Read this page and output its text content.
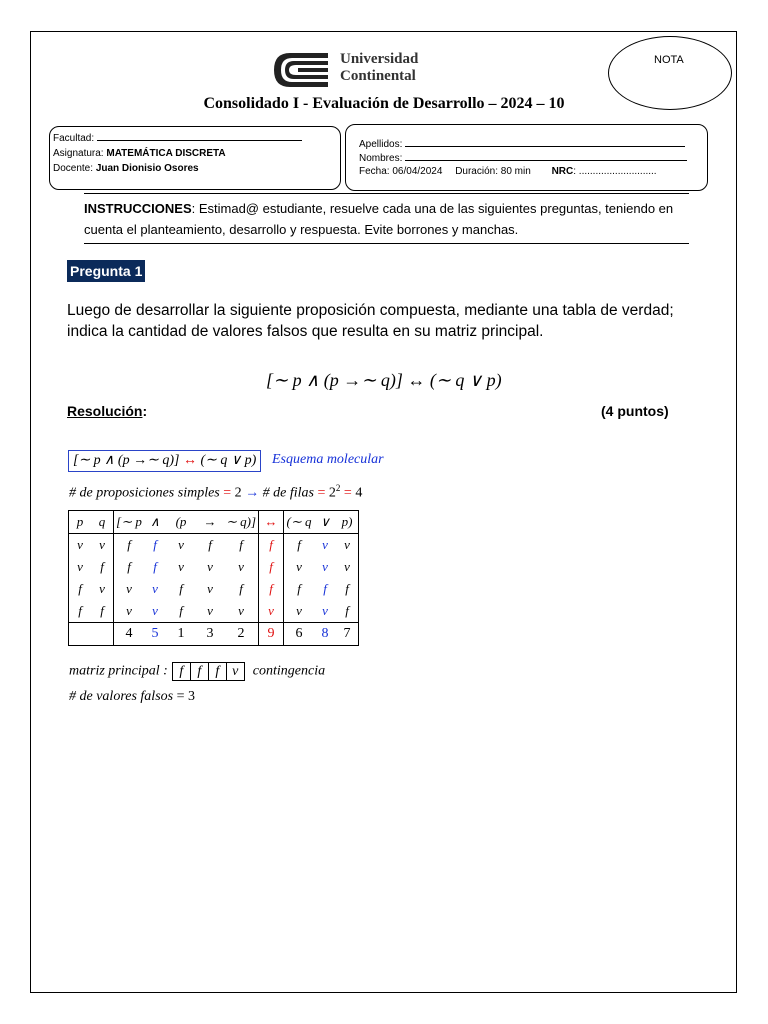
Universidad
Continental
NOTA
Consolidado I - Evaluación de Desarrollo – 2024 – 10
Facultad:
Asignatura: MATEMÁTICA DISCRETA
Docente: Juan Dionisio Osores
Apellidos:
Nombres:
Fecha: 06/04/2024 Duración: 80 min NRC: ............................
INSTRUCCIONES: Estimad@ estudiante, resuelve cada una de las siguientes preguntas, teniendo en cuenta el planteamiento, desarrollo y respuesta. Evite borrones y manchas.
Pregunta 1
Luego de desarrollar la siguiente proposición compuesta, mediante una tabla de verdad; indica la cantidad de valores falsos que resulta en su matriz principal.
[∼ p ∧ (p →∼ q)] ↔ (∼ q ∨ p)
Resolución:	(4 puntos)
[∼ p ∧ (p →∼ q)] ↔ (∼ q ∨ p)	Esquema molecular
# de proposiciones simples = 2 → # de filas = $2^2 = 4$
p	q	[∼ p	∧	(p	→	∼ q)]	↔	(∼ q	∨	p)
v	v	f	f	v	f	f	f	f	v	v
v	f	f	f	v	v	v	f	v	v	v
f	v	v	v	f	v	f	f	f	f	f
f	f	v	v	f	v	v	v	v	v	f
		4	5	1	3	2	9	6	8	7
matriz principal : f f f v contingencia
# de valores falsos = 3
